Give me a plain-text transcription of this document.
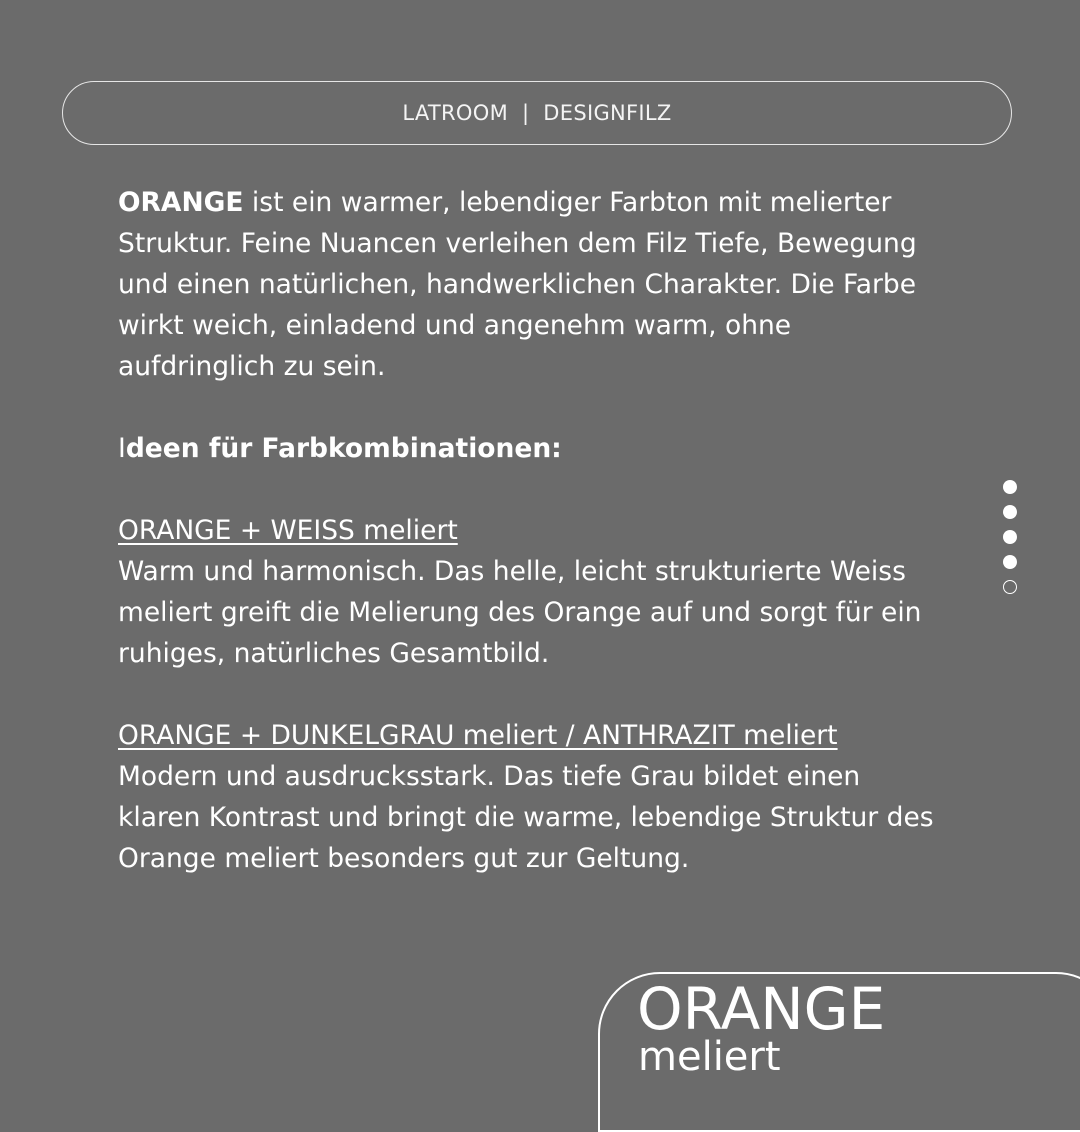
LATROOM | DESIGNFILZ

ORANGE ist ein warmer, lebendiger Farbton mit melierter Struktur. Feine Nuancen verleihen dem Filz Tiefe, Bewegung und einen natürlichen, handwerklichen Charakter. Die Farbe wirkt weich, einladend und angenehm warm, ohne aufdringlich zu sein.

Ideen für Farbkombinationen:

ORANGE + WEISS meliert

Warm und harmonisch. Das helle, leicht strukturierte Weiss meliert greift die Melierung des Orange auf und sorgt für ein ruhiges, natürliches Gesamtbild.

ORANGE + DUNKELGRAU meliert / ANTHRAZIT meliert

Modern und ausdrucksstark. Das tiefe Grau bildet einen klaren Kontrast und bringt die warme, lebendige Struktur des Orange meliert besonders gut zur Geltung.

ORANGE
meliert
